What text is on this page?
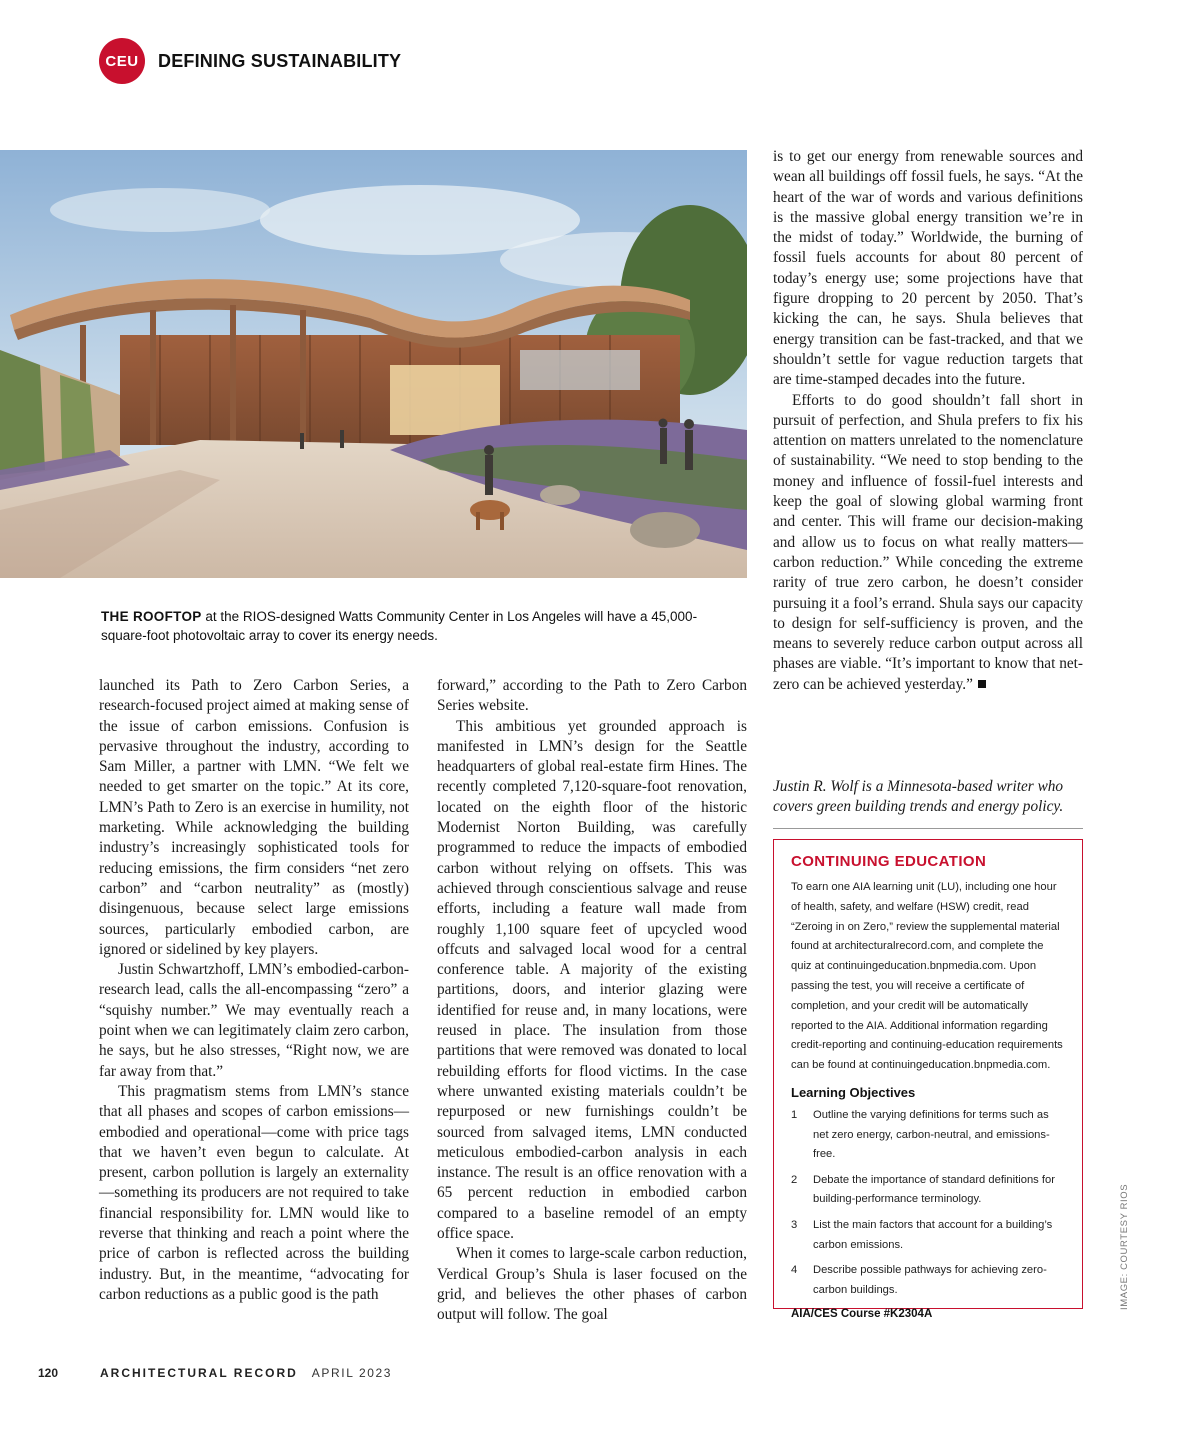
CEU	DEFINING SUSTAINABILITY
THE ROOFTOP at the RIOS-designed Watts Community Center in Los Angeles will have a 45,000-square-foot photovoltaic array to cover its energy needs.

launched its Path to Zero Carbon Series, a research-focused project aimed at making sense of the issue of carbon emissions. Confusion is pervasive throughout the industry, according to Sam Miller, a partner with LMN. “We felt we needed to get smarter on the topic.” At its core, LMN’s Path to Zero is an exercise in humility, not marketing. While acknowledging the building industry’s increasingly sophisticated tools for reducing emissions, the firm considers “net zero carbon” and “carbon neutrality” as (mostly) disingenuous, because select large emissions sources, particularly embodied carbon, are ignored or sidelined by key players.

Justin Schwartzhoff, LMN’s embodied-carbon-research lead, calls the all-encompassing “zero” a “squishy number.” We may eventually reach a point when we can legitimately claim zero carbon, he says, but he also stresses, “Right now, we are far away from that.”

This pragmatism stems from LMN’s stance that all phases and scopes of carbon emissions—embodied and operational—come with price tags that we haven’t even begun to calculate. At present, carbon pollution is largely an externality—something its producers are not required to take financial responsibility for. LMN would like to reverse that thinking and reach a point where the price of carbon is reflected across the building industry. But, in the meantime, “advocating for carbon reductions as a public good is the path

forward,” according to the Path to Zero Carbon Series website.

This ambitious yet grounded approach is manifested in LMN’s design for the Seattle headquarters of global real-estate firm Hines. The recently completed 7,120-square-foot renovation, located on the eighth floor of the historic Modernist Norton Building, was carefully programmed to reduce the impacts of embodied carbon without relying on offsets. This was achieved through conscientious salvage and reuse efforts, including a feature wall made from roughly 1,100 square feet of upcycled wood offcuts and salvaged local wood for a central conference table. A majority of the existing partitions, doors, and interior glazing were identified for reuse and, in many locations, were reused in place. The insulation from those partitions that were removed was donated to local rebuilding efforts for flood victims. In the case where unwanted existing materials couldn’t be repurposed or new furnishings couldn’t be sourced from salvaged items, LMN conducted meticulous embodied-carbon analysis in each instance. The result is an office renovation with a 65 percent reduction in embodied carbon compared to a baseline remodel of an empty office space.

When it comes to large-scale carbon reduction, Verdical Group’s Shula is laser focused on the grid, and believes the other phases of carbon output will follow. The goal

is to get our energy from renewable sources and wean all buildings off fossil fuels, he says. “At the heart of the war of words and various definitions is the massive global energy transition we’re in the midst of today.” Worldwide, the burning of fossil fuels accounts for about 80 percent of today’s energy use; some projections have that figure dropping to 20 percent by 2050. That’s kicking the can, he says. Shula believes that energy transition can be fast-tracked, and that we shouldn’t settle for vague reduction targets that are time-stamped decades into the future.

Efforts to do good shouldn’t fall short in pursuit of perfection, and Shula prefers to fix his attention on matters unrelated to the nomenclature of sustainability. “We need to stop bending to the money and influence of fossil-fuel interests and keep the goal of slowing global warming front and center. This will frame our decision-making and allow us to focus on what really matters—carbon reduction.” While conceding the extreme rarity of true zero carbon, he doesn’t consider pursuing it a fool’s errand. Shula says our capacity to design for self-sufficiency is proven, and the means to severely reduce carbon output across all phases are viable. “It’s important to know that net-zero can be achieved yesterday.”

Justin R. Wolf is a Minnesota-based writer who covers green building trends and energy policy.
CONTINUING EDUCATION
To earn one AIA learning unit (LU), including one hour of health, safety, and welfare (HSW) credit, read “Zeroing in on Zero,” review the supplemental material found at architecturalrecord.com, and complete the quiz at continuingeducation.bnpmedia.com. Upon passing the test, you will receive a certificate of completion, and your credit will be automatically reported to the AIA. Additional information regarding credit-reporting and continuing-education requirements can be found at continuingeducation.bnpmedia.com.
Learning Objectives
1	Outline the varying definitions for terms such as net zero energy, carbon-neutral, and emissions-free.
2	Debate the importance of standard definitions for building-performance terminology.
3	List the main factors that account for a building’s carbon emissions.
4	Describe possible pathways for achieving zero-carbon buildings.
AIA/CES Course #K2304A
IMAGE: COURTESY RIOS
120	ARCHITECTURAL RECORD APRIL 2023
